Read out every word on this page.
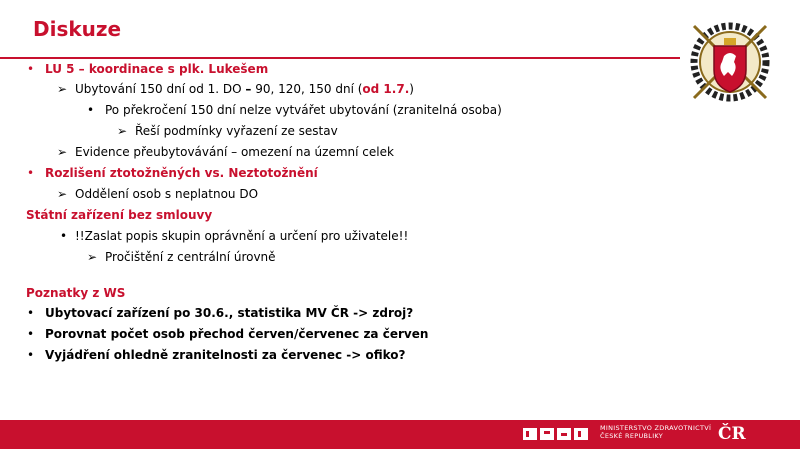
Diskuze
• LU 5 – koordinace s plk. Lukešem
➢ Ubytování 150 dní od 1. DO – 90, 120, 150 dní (od 1.7.)
• Po překročení 150 dní nelze vytvářet ubytování (zranitelná osoba)
➢ Řeší podmínky vyřazení ze sestav
➢ Evidence přeubytovávání – omezení na územní celek
• Rozlišení ztotožněných vs. Neztotožnění
➢ Oddělení osob s neplatnou DO
Státní zařízení bez smlouvy
• !!Zaslat popis skupin oprávnění a určení pro uživatele!!
➢ Pročištění z centrální úrovně
Poznatky z WS
• Ubytovací zařízení po 30.6., statistika MV ČR -> zdroj?
• Porovnat počet osob přechod červen/červenec za červen
• Vyjádření ohledně zranitelnosti za červenec -> ofiko?
MINISTERSTVO ZDRAVOTNICTVÍ
ČESKÉ REPUBLIKY	ČR
